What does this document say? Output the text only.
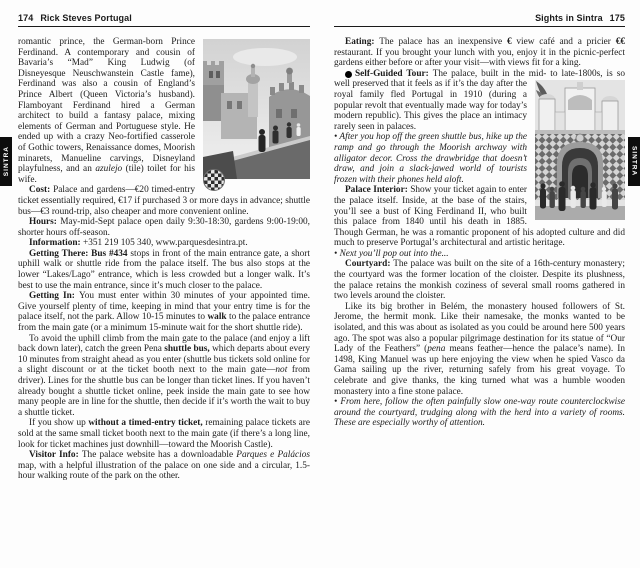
174 Rick Steves Portugal

romantic prince, the German-born Prince Ferdinand. A contemporary and cousin of Bavaria’s “Mad” King Ludwig (of Disneyesque Neuschwanstein Castle fame), Ferdinand was also a cousin of England’s Prince Albert (Queen Victoria’s husband). Flamboyant Ferdinand hired a German architect to build a fantasy palace, mixing elements of German and Portuguese style. He ended up with a crazy Neo-fortified casserole of Gothic towers, Renaissance domes, Moorish minarets, Manueline carvings, Disneyland playfulness, and an azulejo (tile) toilet for his wife.

Cost: Palace and gardens—€20 timed-entry ticket essentially required, €17 if purchased 3 or more days in advance; shuttle bus—€3 round-trip, also cheaper and more convenient online.

Hours: May-mid-Sept palace open daily 9:30-18:30, gardens 9:00-19:00, shorter hours off-season.

Information: +351 219 105 340, www.parquesdesintra.pt.

Getting There: Bus #434 stops in front of the main entrance gate, a short uphill walk or shuttle ride from the palace itself. The bus also stops at the lower “Lakes/Lago” entrance, which is less crowded but a longer walk. It’s best to use the main entrance, since it’s much closer to the palace.

Getting In: You must enter within 30 minutes of your appointed time. Give yourself plenty of time, keeping in mind that your entry time is for the palace itself, not the park. Allow 10-15 minutes to walk to the palace entrance from the main gate (or a minimum 15-minute wait for the short shuttle ride).

To avoid the uphill climb from the main gate to the palace (and enjoy a lift back down later), catch the green Pena shuttle bus, which departs about every 10 minutes from straight ahead as you enter (shuttle bus tickets sold online for a slight discount or at the ticket booth next to the main gate—not from driver). Lines for the shuttle bus can be longer than ticket lines. If you haven’t already bought a shuttle ticket online, peek inside the main gate to see how many people are in line for the shuttle, then decide if it’s worth the wait to buy a shuttle ticket.

If you show up without a timed-entry ticket, remaining palace tickets are sold at the same small ticket booth next to the main gate (if there’s a long line, look for ticket machines just downhill—toward the Moorish Castle).

Visitor Info: The palace website has a downloadable Parques e Palácios map, with a helpful illustration of the palace on one side and a circular, 1.5-hour walking route of the park on the other.

Sights in Sintra 175

Eating: The palace has an inexpensive € view café and a pricier €€ restaurant. If you brought your lunch with you, enjoy it in the picnic-perfect gardens either before or after your visit—with views fit for a king.

▶Self-Guided Tour: The palace, built in the mid- to late-1800s, is so well preserved that it feels as if it’s the day after the
royal family fled Portugal in 1910 (during a popular revolt that eventually made way for today’s modern republic). This gives the place an intimacy rarely seen in palaces.

• After you hop off the green shuttle bus, hike up the ramp and go through the Moorish archway with alligator decor. Cross the drawbridge that doesn’t draw, and join a slack-jawed world of tourists frozen with their phones held aloft.

Palace Interior: Show your ticket again to enter the palace itself. Inside, at the base of the stairs, you’ll see a bust of King Ferdinand II, who built this palace from 1840 until his death in 1885. Though German, he was a romantic proponent of his adopted culture and did much to preserve Portugal’s architectural and artistic heritage.

• Next you’ll pop out into the...

Courtyard: The palace was built on the site of a 16th-century monastery; the courtyard was the former location of the cloister. Despite its plushness, the palace retains the monkish coziness of several small rooms gathered in two levels around the cloister.

Like its big brother in Belém, the monastery housed followers of St. Jerome, the hermit monk. Like their namesake, the monks wanted to be isolated, and this was about as isolated as you could be around here 500 years ago. The spot was also a popular pilgrimage destination for its statue of “Our Lady of the Feathers” (pena means feather—hence the palace’s name). In 1498, King Manuel was up here enjoying the view when he spied Vasco da Gama sailing up the river, returning safely from his great voyage. To celebrate and give thanks, the king turned what was a humble wooden monastery into a fine stone palace.

• From here, follow the often painfully slow one-way route counterclockwise around the courtyard, trudging along with the herd into a variety of rooms. These are especially worthy of attention.

SINTRA	SINTRA
